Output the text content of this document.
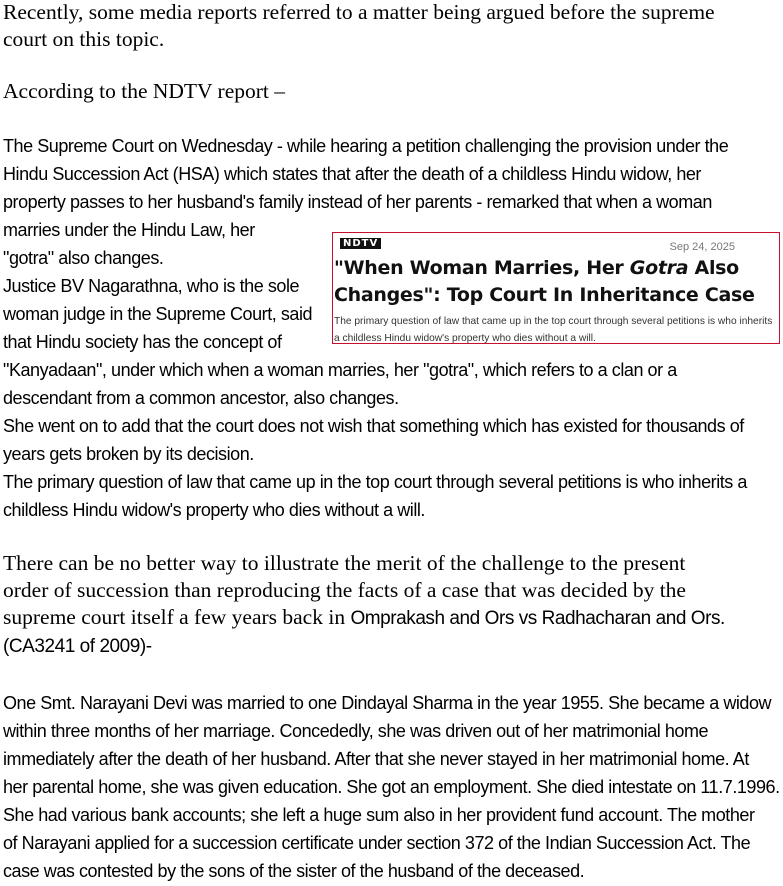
Recently, some media reports referred to a matter being argued before the supreme
court on this topic.
According to the NDTV report –
The Supreme Court on Wednesday - while hearing a petition challenging the provision under the
Hindu Succession Act (HSA) which states that after the death of a childless Hindu widow, her
property passes to her husband's family instead of her parents - remarked that when a woman
marries under the Hindu Law, her
"gotra" also changes.
Justice BV Nagarathna, who is the sole
woman judge in the Supreme Court, said
that Hindu society has the concept of
"Kanyadaan", under which when a woman marries, her "gotra", which refers to a clan or a
descendant from a common ancestor, also changes.
She went on to add that the court does not wish that something which has existed for thousands of
years gets broken by its decision.
The primary question of law that came up in the top court through several petitions is who inherits a
childless Hindu widow's property who dies without a will.
NDTV	Sep 24, 2025
"When Woman Marries, Her Gotra Also Changes": Top Court In Inheritance Case
The primary question of law that came up in the top court through several petitions is who inherits a childless Hindu widow's property who dies without a will.
There can be no better way to illustrate the merit of the challenge to the present
order of succession than reproducing the facts of a case that was decided by the
supreme court itself a few years back in Omprakash and Ors vs Radhacharan and Ors.
(CA3241 of 2009)-
One Smt. Narayani Devi was married to one Dindayal Sharma in the year 1955. She became a widow
within three months of her marriage. Concededly, she was driven out of her matrimonial home
immediately after the death of her husband. After that she never stayed in her matrimonial home. At
her parental home, she was given education. She got an employment. She died intestate on 11.7.1996.
She had various bank accounts; she left a huge sum also in her provident fund account. The mother
of Narayani applied for a succession certificate under section 372 of the Indian Succession Act. The
case was contested by the sons of the sister of the husband of the deceased.
